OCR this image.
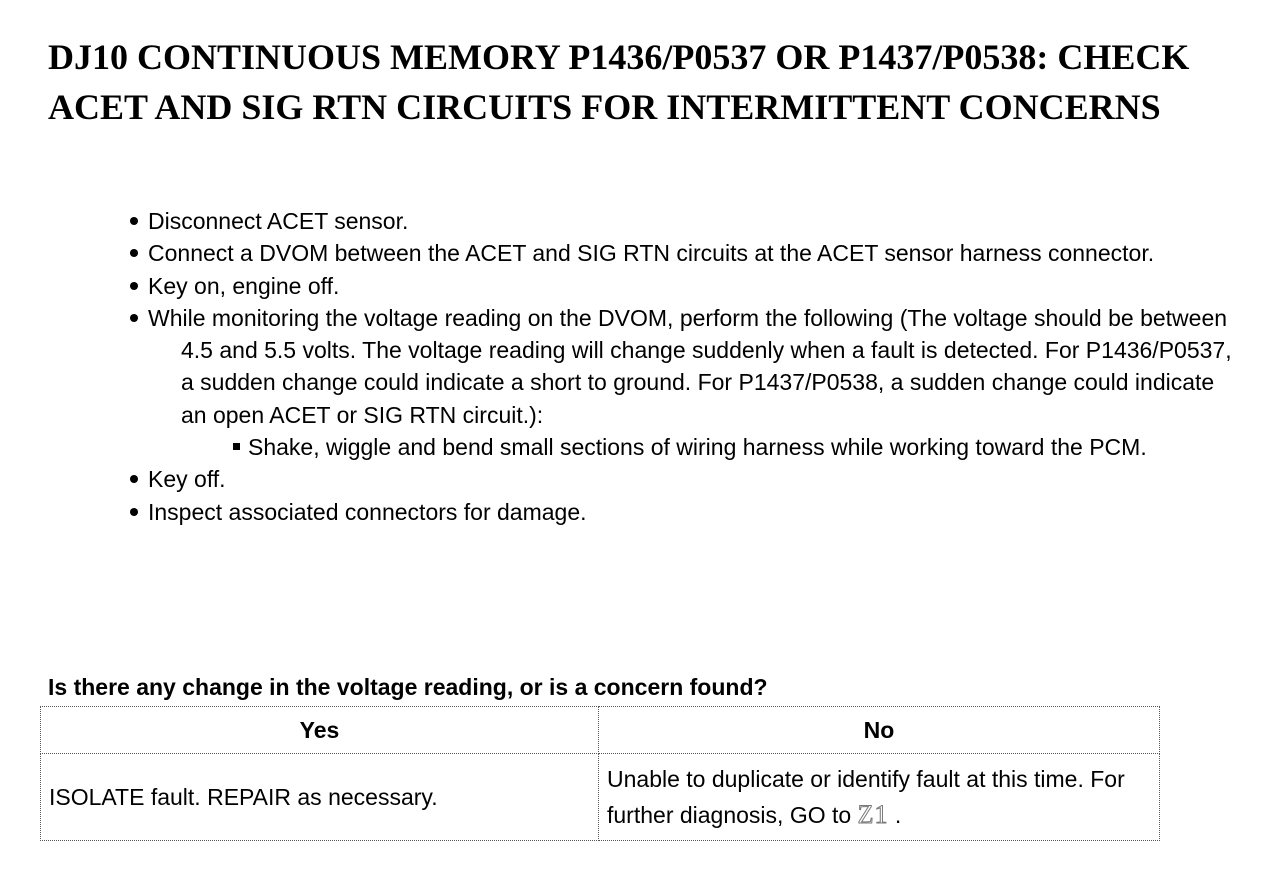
DJ10 CONTINUOUS MEMORY P1436/P0537 OR P1437/P0538: CHECK ACET AND SIG RTN CIRCUITS FOR INTERMITTENT CONCERNS
Disconnect ACET sensor.
Connect a DVOM between the ACET and SIG RTN circuits at the ACET sensor harness connector.
Key on, engine off.
While monitoring the voltage reading on the DVOM, perform the following (The voltage should be between 4.5 and 5.5 volts. The voltage reading will change suddenly when a fault is detected. For P1436/P0537, a sudden change could indicate a short to ground. For P1437/P0538, a sudden change could indicate an open ACET or SIG RTN circuit.):
Shake, wiggle and bend small sections of wiring harness while working toward the PCM.
Key off.
Inspect associated connectors for damage.

Is there any change in the voltage reading, or is a concern found?

Yes	No
ISOLATE fault. REPAIR as necessary.	Unable to duplicate or identify fault at this time. For further diagnosis, GO to Z1 .
